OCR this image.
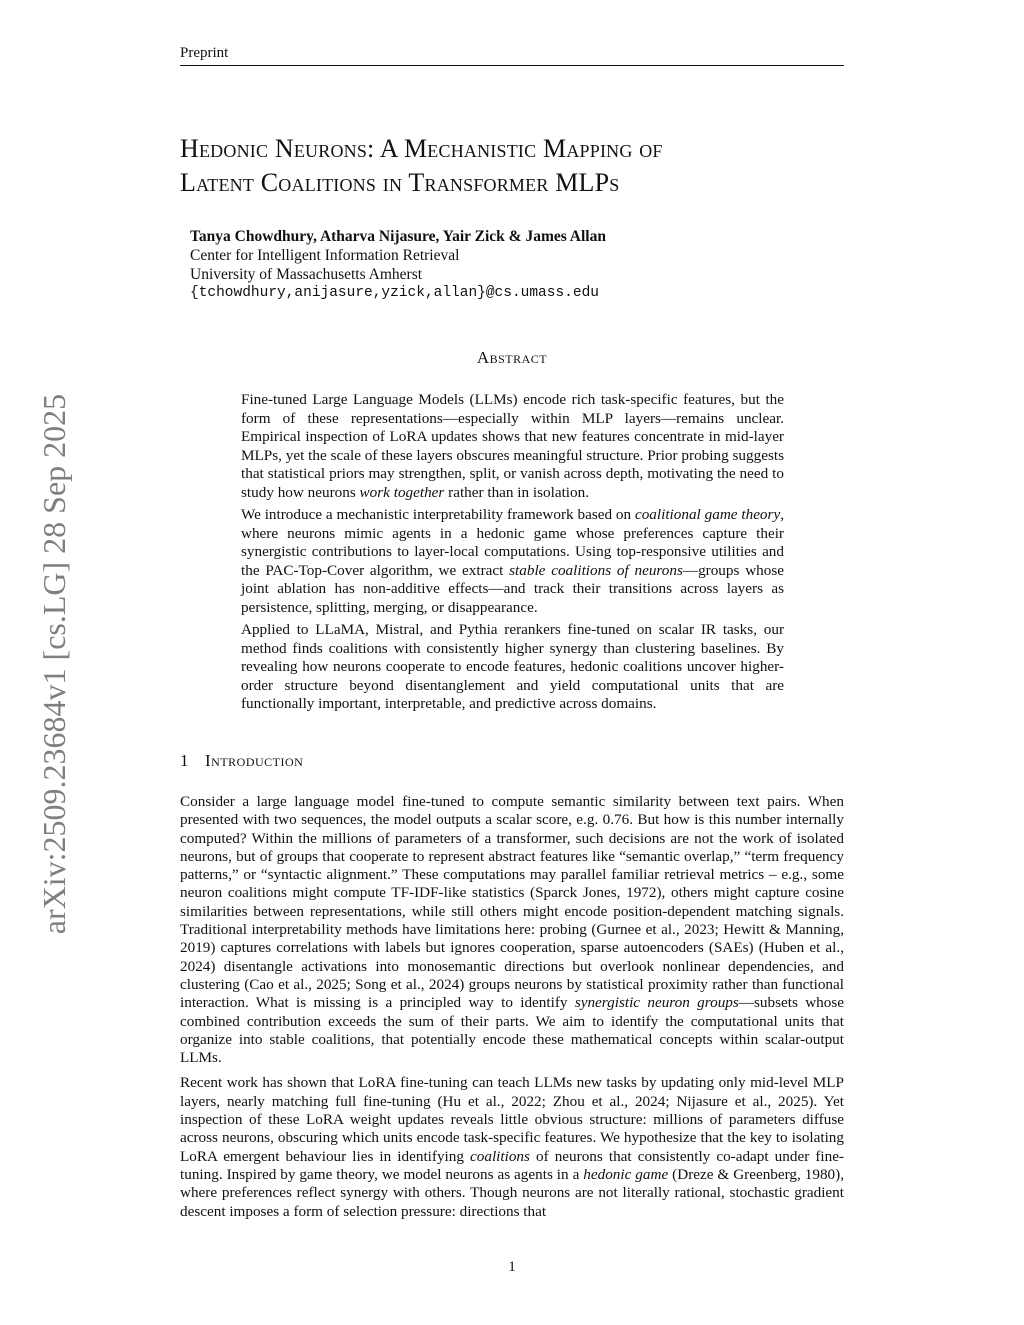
Preprint
arXiv:2509.23684v1 [cs.LG] 28 Sep 2025
Hedonic Neurons: A Mechanistic Mapping of
Latent Coalitions in Transformer MLPs
Tanya Chowdhury, Atharva Nijasure, Yair Zick & James Allan
Center for Intelligent Information Retrieval
University of Massachusetts Amherst
{tchowdhury,anijasure,yzick,allan}@cs.umass.edu
Abstract

Fine-tuned Large Language Models (LLMs) encode rich task-specific features, but the form of these representations—especially within MLP layers—remains unclear. Empirical inspection of LoRA updates shows that new features concentrate in mid-layer MLPs, yet the scale of these layers obscures meaningful structure. Prior probing suggests that statistical priors may strengthen, split, or vanish across depth, motivating the need to study how neurons work together rather than in isolation.

We introduce a mechanistic interpretability framework based on coalitional game theory, where neurons mimic agents in a hedonic game whose preferences capture their synergistic contributions to layer-local computations. Using top-responsive utilities and the PAC-Top-Cover algorithm, we extract stable coalitions of neurons—groups whose joint ablation has non-additive effects—and track their transitions across layers as persistence, splitting, merging, or disappearance.

Applied to LLaMA, Mistral, and Pythia rerankers fine-tuned on scalar IR tasks, our method finds coalitions with consistently higher synergy than clustering baselines. By revealing how neurons cooperate to encode features, hedonic coalitions uncover higher-order structure beyond disentanglement and yield computational units that are functionally important, interpretable, and predictive across domains.

1 Introduction

Consider a large language model fine-tuned to compute semantic similarity between text pairs. When presented with two sequences, the model outputs a scalar score, e.g. 0.76. But how is this number internally computed? Within the millions of parameters of a transformer, such decisions are not the work of isolated neurons, but of groups that cooperate to represent abstract features like “semantic overlap,” “term frequency patterns,” or “syntactic alignment.” These computations may parallel familiar retrieval metrics – e.g., some neuron coalitions might compute TF-IDF-like statistics (Sparck Jones, 1972), others might capture cosine similarities between representations, while still others might encode position-dependent matching signals. Traditional interpretability methods have limitations here: probing (Gurnee et al., 2023; Hewitt & Manning, 2019) captures correlations with labels but ignores cooperation, sparse autoencoders (SAEs) (Huben et al., 2024) disentangle activations into monosemantic directions but overlook nonlinear dependencies, and clustering (Cao et al., 2025; Song et al., 2024) groups neurons by statistical proximity rather than functional interaction. What is missing is a principled way to identify synergistic neuron groups—subsets whose combined contribution exceeds the sum of their parts. We aim to identify the computational units that organize into stable coalitions, that potentially encode these mathematical concepts within scalar-output LLMs.

Recent work has shown that LoRA fine-tuning can teach LLMs new tasks by updating only mid-level MLP layers, nearly matching full fine-tuning (Hu et al., 2022; Zhou et al., 2024; Nijasure et al., 2025). Yet inspection of these LoRA weight updates reveals little obvious structure: millions of parameters diffuse across neurons, obscuring which units encode task-specific features. We hypothesize that the key to isolating LoRA emergent behaviour lies in identifying coalitions of neurons that consistently co-adapt under fine-tuning. Inspired by game theory, we model neurons as agents in a hedonic game (Dreze & Greenberg, 1980), where preferences reflect synergy with others. Though neurons are not literally rational, stochastic gradient descent imposes a form of selection pressure: directions that

1
